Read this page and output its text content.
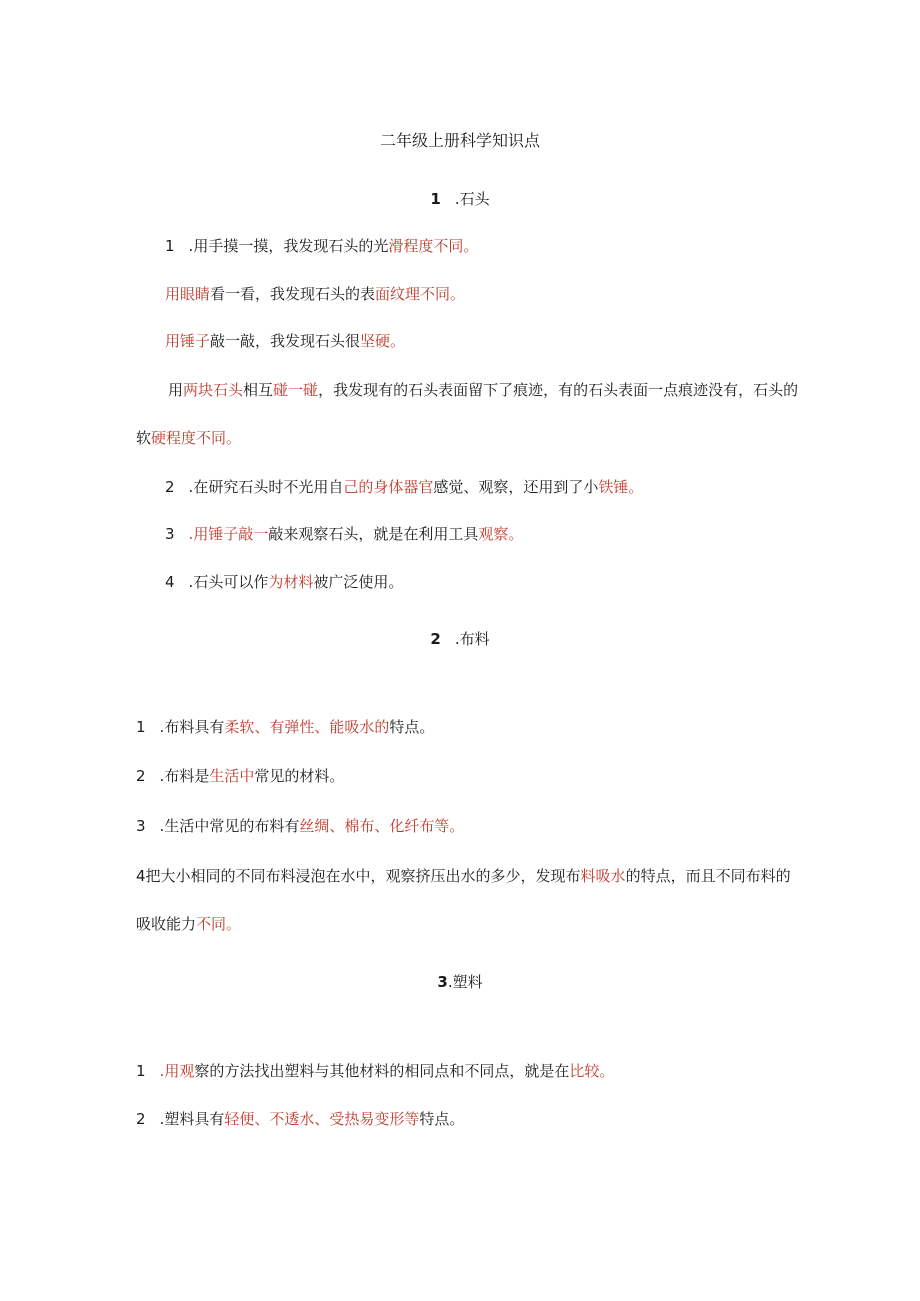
二年级上册科学知识点
1 .石头
1 .用手摸一摸，我发现石头的光滑程度不同。
用眼睛看一看，我发现石头的表面纹理不同。
用锤子敲一敲，我发现石头很坚硬。
用两块石头相互碰一碰，我发现有的石头表面留下了痕迹，有的石头表面一点痕迹没有，石头的
软硬程度不同。
2 .在研究石头时不光用自己的身体器官感觉、观察，还用到了小铁锤。
3 .用锤子敲一敲来观察石头，就是在利用工具观察。
4 .石头可以作为材料被广泛使用。
2 .布料
1 .布料具有柔软、有弹性、能吸水的特点。
2 .布料是生活中常见的材料。
3 .生活中常见的布料有丝绸、棉布、化纤布等。
4把大小相同的不同布料浸泡在水中，观察挤压出水的多少，发现布料吸水的特点，而且不同布料的
吸收能力不同。
3.塑料
1 .用观察的方法找出塑料与其他材料的相同点和不同点，就是在比较。
2 .塑料具有轻便、不透水、受热易变形等特点。
